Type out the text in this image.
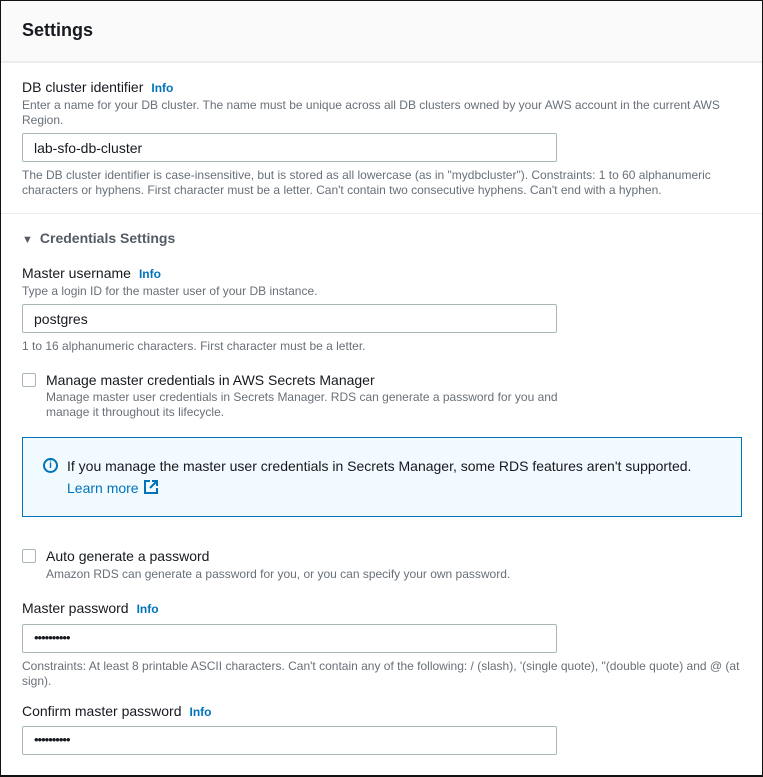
Settings
DB cluster identifier Info
Enter a name for your DB cluster. The name must be unique across all DB clusters owned by your AWS account in the current AWS Region.
lab-sfo-db-cluster
The DB cluster identifier is case-insensitive, but is stored as all lowercase (as in "mydbcluster"). Constraints: 1 to 60 alphanumeric characters or hyphens. First character must be a letter. Can't contain two consecutive hyphens. Can't end with a hyphen.
▼ Credentials Settings
Master username Info
Type a login ID for the master user of your DB instance.
postgres
1 to 16 alphanumeric characters. First character must be a letter.
Manage master credentials in AWS Secrets Manager
Manage master user credentials in Secrets Manager. RDS can generate a password for you and manage it throughout its lifecycle.
i	If you manage the master user credentials in Secrets Manager, some RDS features aren't supported.
Learn more
Auto generate a password
Amazon RDS can generate a password for you, or you can specify your own password.
Master password Info
••••••••••
Constraints: At least 8 printable ASCII characters. Can't contain any of the following: / (slash), '(single quote), "(double quote) and @ (at sign).
Confirm master password Info
••••••••••
